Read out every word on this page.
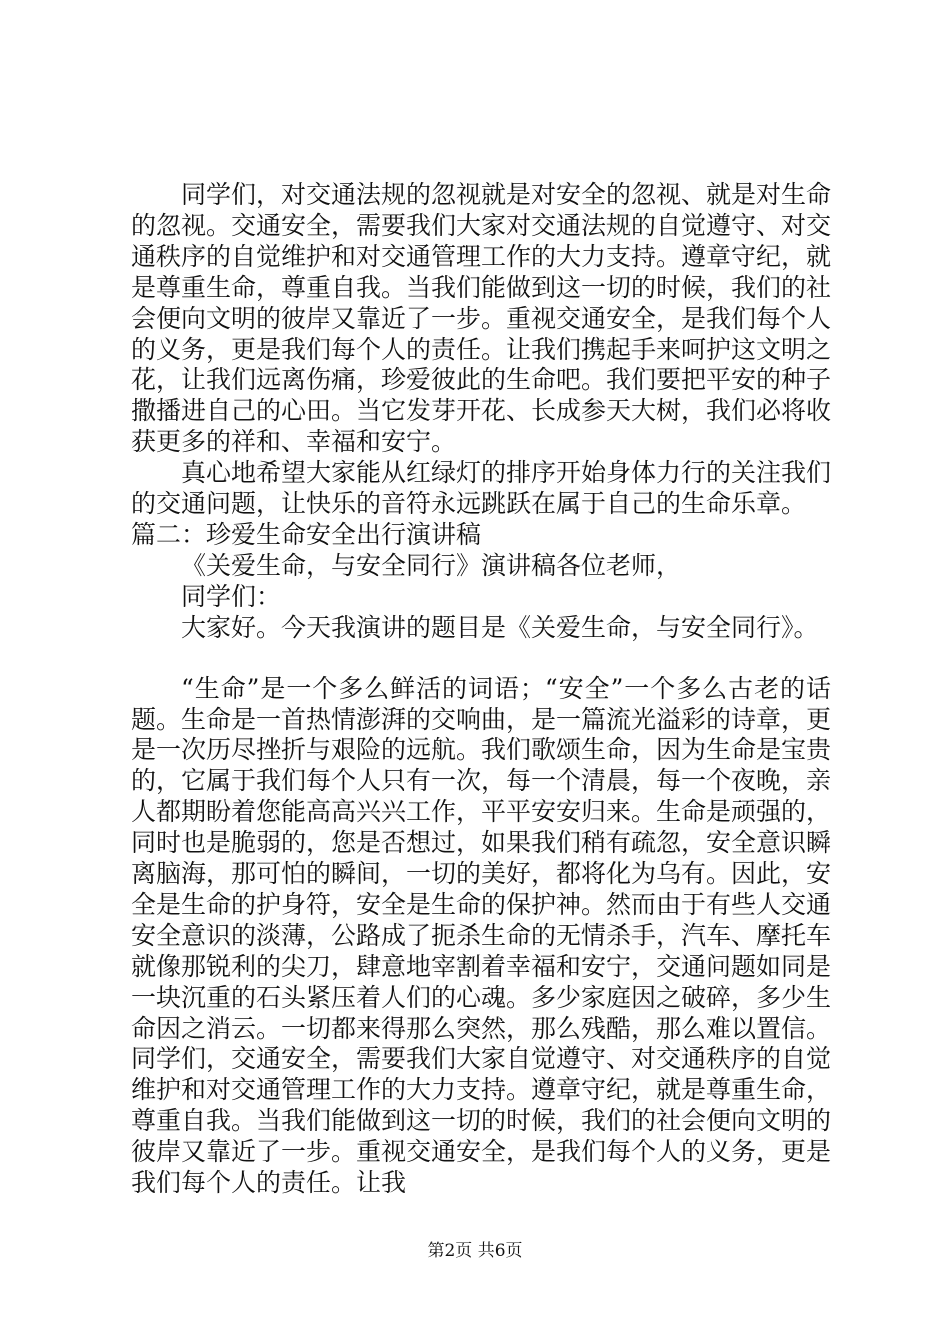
同学们，对交通法规的忽视就是对安全的忽视、就是对生命的忽视。交通安全，需要我们大家对交通法规的自觉遵守、对交通秩序的自觉维护和对交通管理工作的大力支持。遵章守纪，就是尊重生命，尊重自我。当我们能做到这一切的时候，我们的社会便向文明的彼岸又靠近了一步。重视交通安全，是我们每个人的义务，更是我们每个人的责任。让我们携起手来呵护这文明之花，让我们远离伤痛，珍爱彼此的生命吧。我们要把平安的种子撒播进自己的心田。当它发芽开花、长成参天大树，我们必将收获更多的祥和、幸福和安宁。

真心地希望大家能从红绿灯的排序开始身体力行的关注我们的交通问题，让快乐的音符永远跳跃在属于自己的生命乐章。

篇二：珍爱生命安全出行演讲稿

《关爱生命，与安全同行》演讲稿各位老师，

同学们：

大家好。今天我演讲的题目是《关爱生命，与安全同行》。

“生命”是一个多么鲜活的词语；“安全”一个多么古老的话题。生命是一首热情澎湃的交响曲，是一篇流光溢彩的诗章，更是一次历尽挫折与艰险的远航。我们歌颂生命，因为生命是宝贵的，它属于我们每个人只有一次，每一个清晨，每一个夜晚，亲人都期盼着您能高高兴兴工作，平平安安归来。生命是顽强的，同时也是脆弱的，您是否想过，如果我们稍有疏忽，安全意识瞬离脑海，那可怕的瞬间，一切的美好，都将化为乌有。因此，安全是生命的护身符，安全是生命的保护神。然而由于有些人交通安全意识的淡薄，公路成了扼杀生命的无情杀手，汽车、摩托车就像那锐利的尖刀，肆意地宰割着幸福和安宁，交通问题如同是一块沉重的石头紧压着人们的心魂。多少家庭因之破碎，多少生命因之消云。一切都来得那么突然，那么残酷，那么难以置信。同学们，交通安全，需要我们大家自觉遵守、对交通秩序的自觉维护和对交通管理工作的大力支持。遵章守纪，就是尊重生命，尊重自我。当我们能做到这一切的时候，我们的社会便向文明的彼岸又靠近了一步。重视交通安全，是我们每个人的义务，更是我们每个人的责任。让我

第2页 共6页
